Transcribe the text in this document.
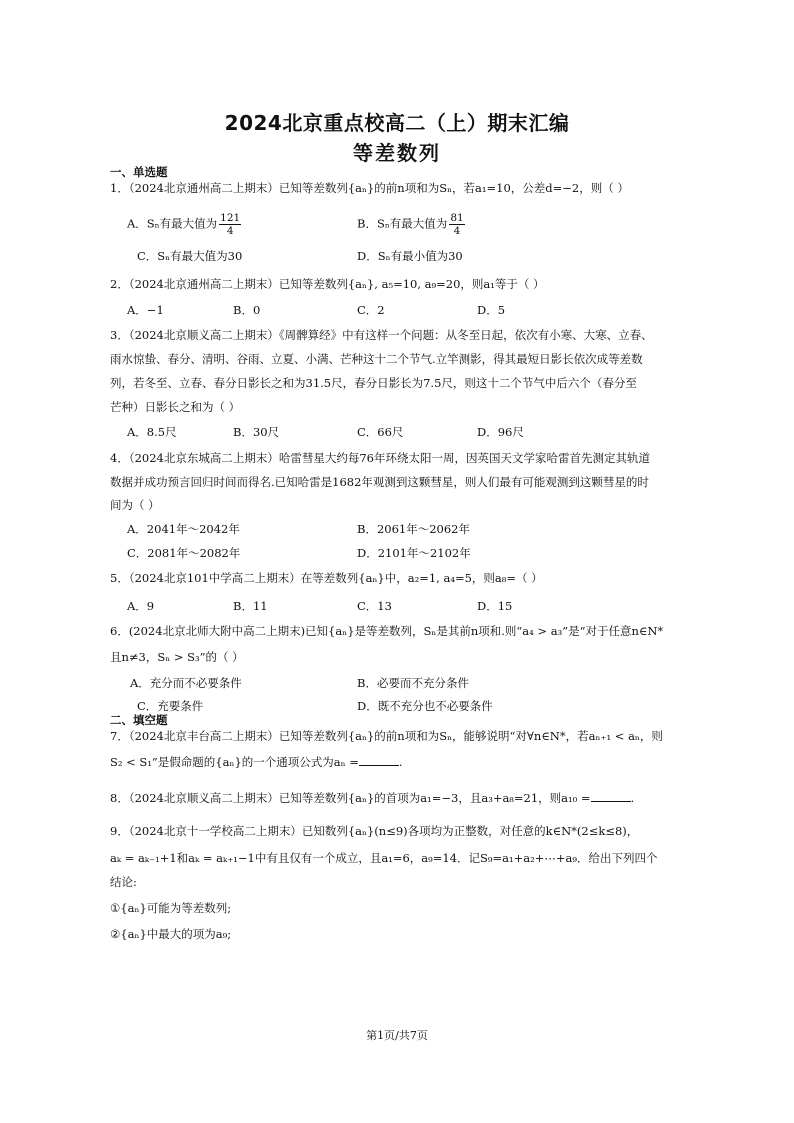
2024北京重点校高二（上）期末汇编
等差数列
一、单选题
1．（2024北京通州高二上期末）已知等差数列{aₙ}的前n项和为Sₙ，若a₁=10，公差d=−2，则（ ）
A．Sₙ有最大值为 $\frac{121}{4}$	B．Sₙ有最大值为 $\frac{81}{4}$
C．Sₙ有最大值为30	D．Sₙ有最小值为30
2．（2024北京通州高二上期末）已知等差数列{aₙ}, a₅=10, a₉=20，则a₁等于（ ）
A．−1	B．0	C．2	D．5
3．（2024北京顺义高二上期末）《周髀算经》中有这样一个问题：从冬至日起，依次有小寒、大寒、立春、
雨水惊蛰、春分、清明、谷雨、立夏、小满、芒种这十二个节气.立竿测影，得其最短日影长依次成等差数
列，若冬至、立春、春分日影长之和为31.5尺，春分日影长为7.5尺，则这十二个节气中后六个（春分至
芒种）日影长之和为（ ）
A．8.5尺	B．30尺	C．66尺	D．96尺
4．（2024北京东城高二上期末）哈雷彗星大约每76年环绕太阳一周，因英国天文学家哈雷首先测定其轨道
数据并成功预言回归时间而得名.已知哈雷是1682年观测到这颗彗星，则人们最有可能观测到这颗彗星的时
间为（ ）
A．2041年～2042年	B．2061年～2062年
C．2081年～2082年	D．2101年～2102年
5．（2024北京101中学高二上期末）在等差数列{aₙ}中，a₂=1, a₄=5，则a₈=（ ）
A．9	B．11	C．13	D．15
6．(2024北京北师大附中高二上期末)已知{aₙ}是等差数列，Sₙ是其前n项和.则“a₄ > a₃”是“对于任意n∈N*
且n≠3，Sₙ > S₃”的（ ）
A．充分而不必要条件	B．必要而不充分条件
C．充要条件	D．既不充分也不必要条件
二、填空题
7．（2024北京丰台高二上期末）已知等差数列{aₙ}的前n项和为Sₙ，能够说明“对∀n∈N*，若aₙ₊₁ < aₙ，则
S₂ < S₁”是假命题的{aₙ}的一个通项公式为aₙ =	.
8．（2024北京顺义高二上期末）已知等差数列{aₙ}的首项为a₁=−3，且a₃+a₈=21，则a₁₀ =	.
9．（2024北京十一学校高二上期末）已知数列{aₙ}(n≤9)各项均为正整数，对任意的k∈N*(2≤k≤8)，
aₖ = aₖ₋₁+1和aₖ = aₖ₊₁−1中有且仅有一个成立，且a₁=6，a₉=14．记S₉=a₁+a₂+⋯+a₉．给出下列四个
结论:
①{aₙ}可能为等差数列;
②{aₙ}中最大的项为a₉;
第1页/共7页
